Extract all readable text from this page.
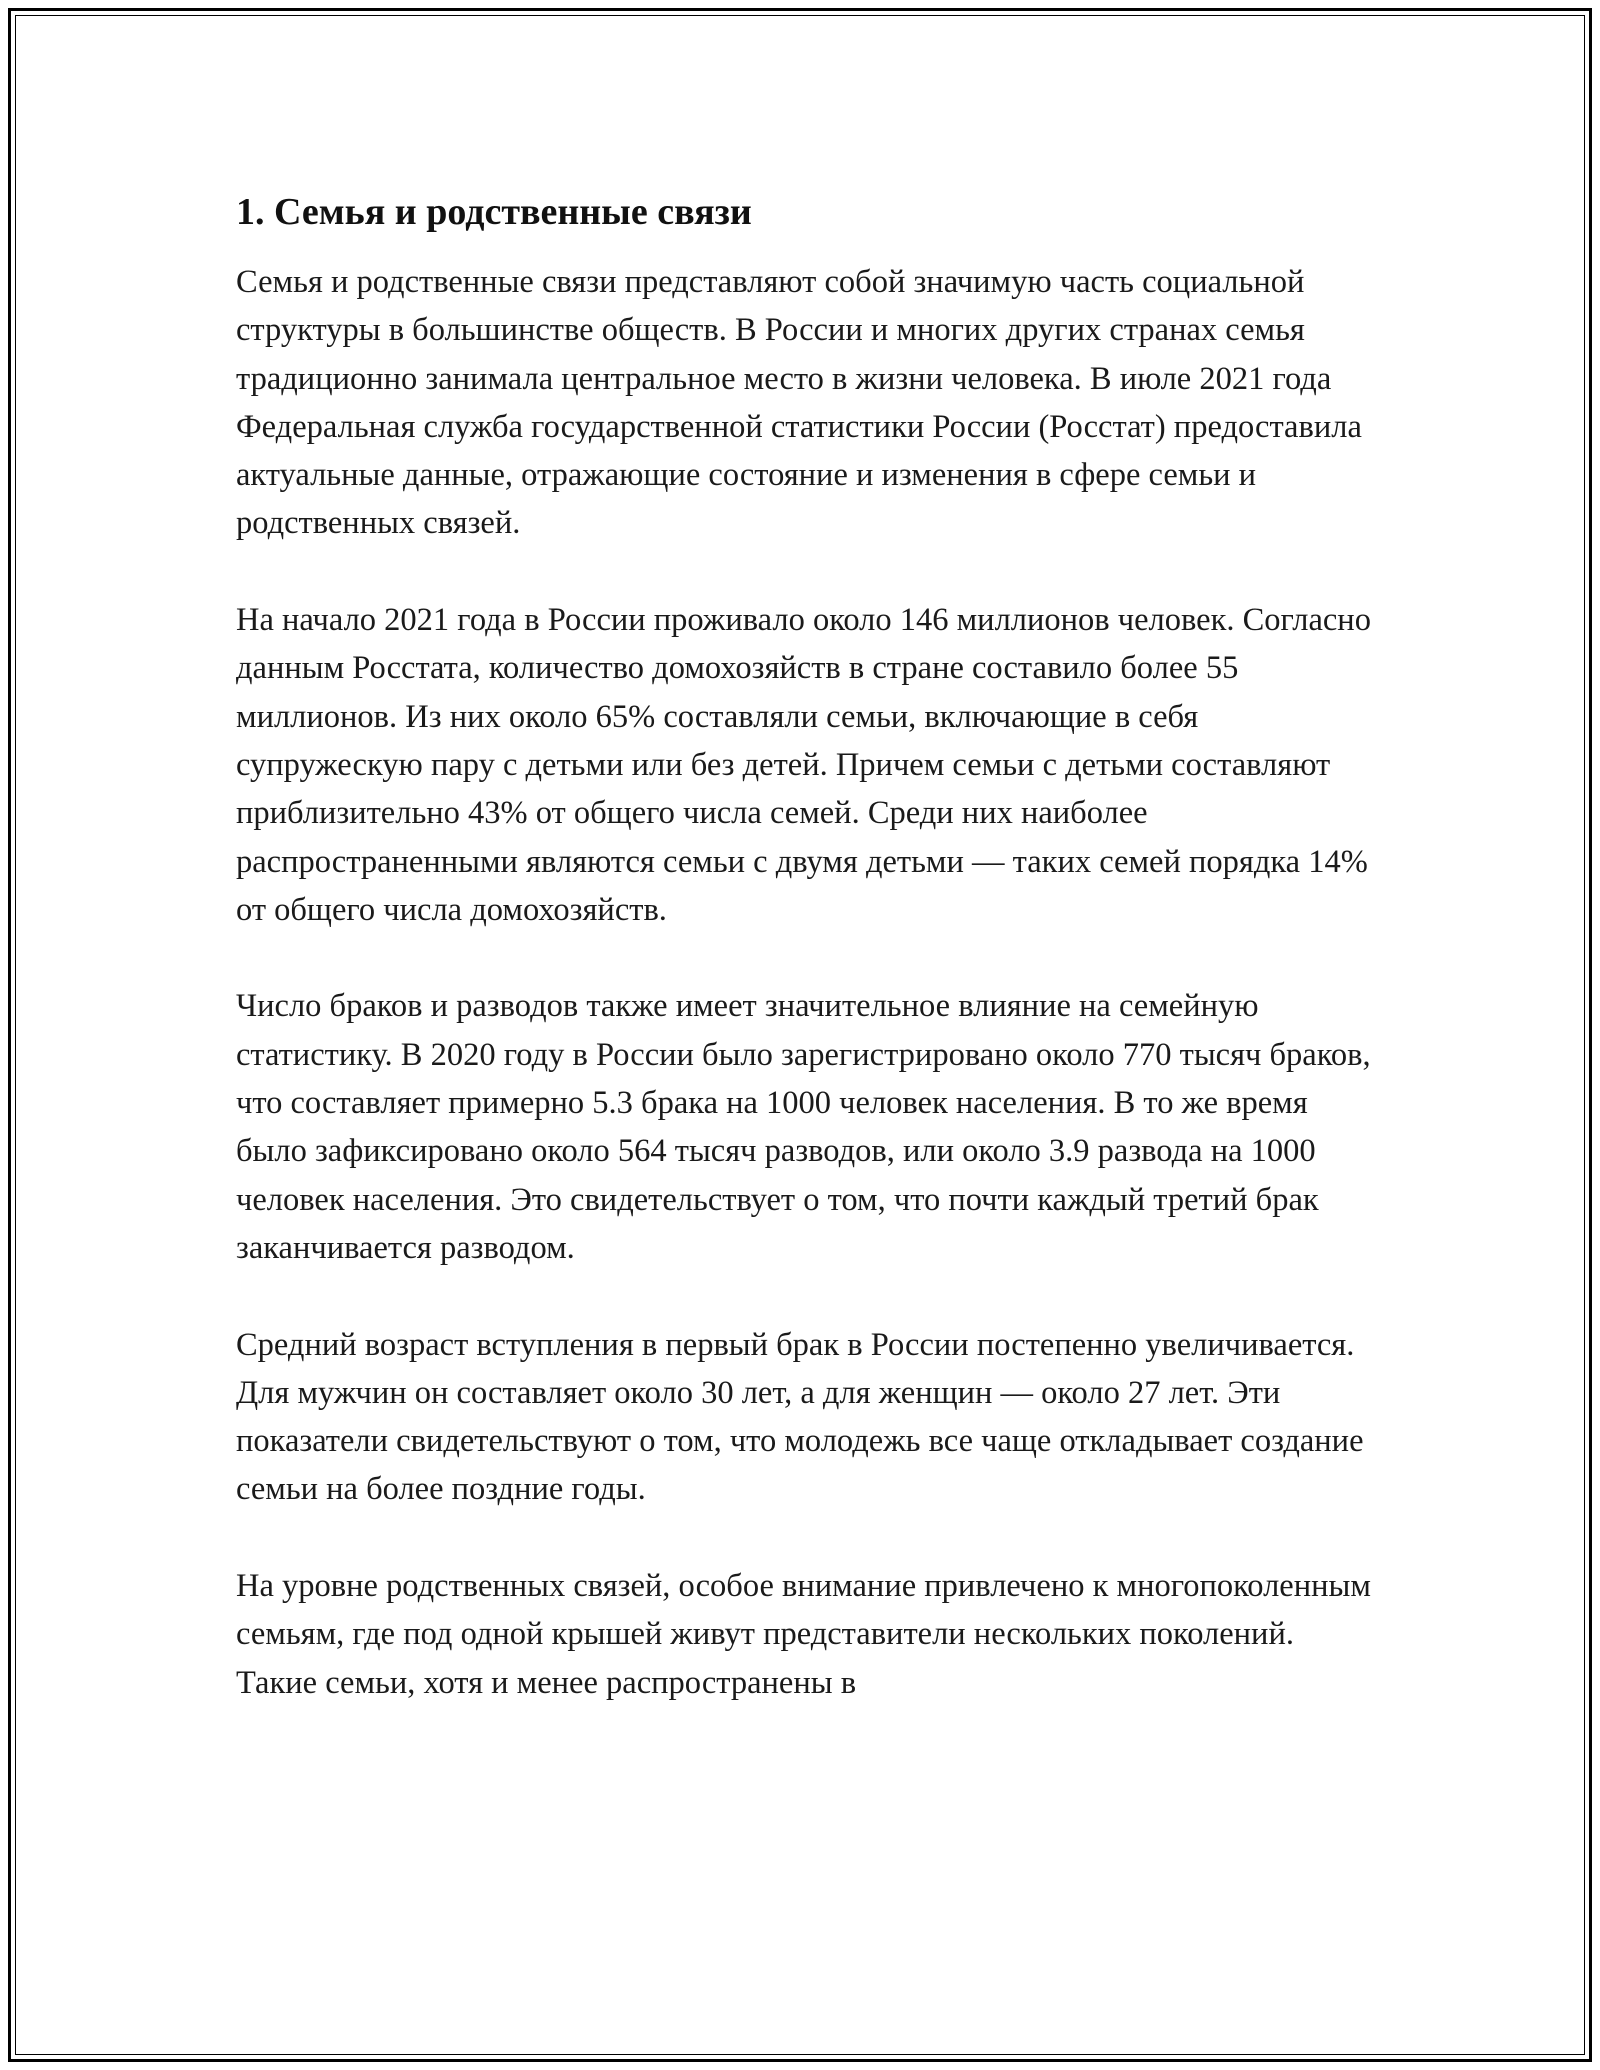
1. Семья и родственные связи

Семья и родственные связи представляют собой значимую часть социальной структуры в большинстве обществ. В России и многих других странах семья традиционно занимала центральное место в жизни человека. В июле 2021 года Федеральная служба государственной статистики России (Росстат) предоставила актуальные данные, отражающие состояние и изменения в сфере семьи и родственных связей.

На начало 2021 года в России проживало около 146 миллионов человек. Согласно данным Росстата, количество домохозяйств в стране составило более 55 миллионов. Из них около 65% составляли семьи, включающие в себя супружескую пару с детьми или без детей. Причем семьи с детьми составляют приблизительно 43% от общего числа семей. Среди них наиболее распространенными являются семьи с двумя детьми — таких семей порядка 14% от общего числа домохозяйств.

Число браков и разводов также имеет значительное влияние на семейную статистику. В 2020 году в России было зарегистрировано около 770 тысяч браков, что составляет примерно 5.3 брака на 1000 человек населения. В то же время было зафиксировано около 564 тысяч разводов, или около 3.9 развода на 1000 человек населения. Это свидетельствует о том, что почти каждый третий брак заканчивается разводом.

Средний возраст вступления в первый брак в России постепенно увеличивается. Для мужчин он составляет около 30 лет, а для женщин — около 27 лет. Эти показатели свидетельствуют о том, что молодежь все чаще откладывает создание семьи на более поздние годы.

На уровне родственных связей, особое внимание привлечено к многопоколенным семьям, где под одной крышей живут представители нескольких поколений. Такие семьи, хотя и менее распространены в
